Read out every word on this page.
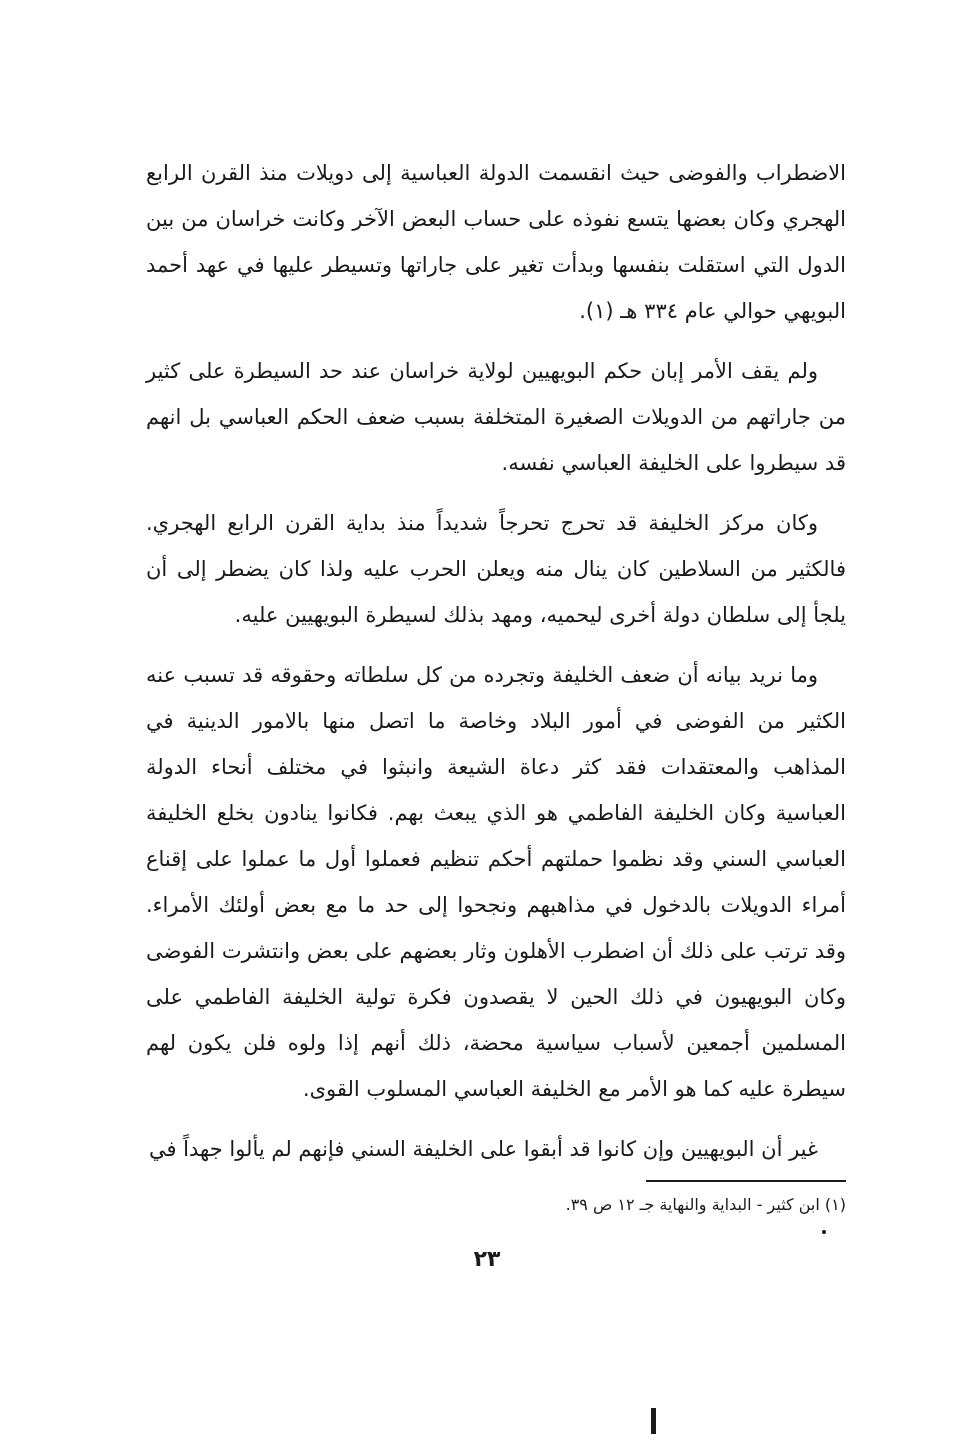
الاضطراب والفوضى حيث انقسمت الدولة العباسية إلى دويلات منذ القرن الرابع الهجري وكان بعضها يتسع نفوذه على حساب البعض الآخر وكانت خراسان من بين الدول التي استقلت بنفسها وبدأت تغير على جاراتها وتسيطر عليها في عهد أحمد البويهي حوالي عام ٣٣٤ هـ (١).

ولم يقف الأمر إبان حكم البويهيين لولاية خراسان عند حد السيطرة على كثير من جاراتهم من الدويلات الصغيرة المتخلفة بسبب ضعف الحكم العباسي بل انهم قد سيطروا على الخليفة العباسي نفسه.

وكان مركز الخليفة قد تحرج تحرجاً شديداً منذ بداية القرن الرابع الهجري. فالكثير من السلاطين كان ينال منه ويعلن الحرب عليه ولذا كان يضطر إلى أن يلجأ إلى سلطان دولة أخرى ليحميه، ومهد بذلك لسيطرة البويهيين عليه.

وما نريد بيانه أن ضعف الخليفة وتجرده من كل سلطاته وحقوقه قد تسبب عنه الكثير من الفوضى في أمور البلاد وخاصة ما اتصل منها بالامور الدينية في المذاهب والمعتقدات فقد كثر دعاة الشيعة وانبثوا في مختلف أنحاء الدولة العباسية وكان الخليفة الفاطمي هو الذي يبعث بهم. فكانوا ينادون بخلع الخليفة العباسي السني وقد نظموا حملتهم أحكم تنظيم فعملوا أول ما عملوا على إقناع أمراء الدويلات بالدخول في مذاهبهم ونجحوا إلى حد ما مع بعض أولئك الأمراء. وقد ترتب على ذلك أن اضطرب الأهلون وثار بعضهم على بعض وانتشرت الفوضى وكان البويهيون في ذلك الحين لا يقصدون فكرة تولية الخليفة الفاطمي على المسلمين أجمعين لأسباب سياسية محضة، ذلك أنهم إذا ولوه فلن يكون لهم سيطرة عليه كما هو الأمر مع الخليفة العباسي المسلوب القوى.

غير أن البويهيين وإن كانوا قد أبقوا على الخليفة السني فإنهم لم يألوا جهداً في

(١) ابن كثير - البداية والنهاية جـ ١٢ ص ٣٩.
٢٣
